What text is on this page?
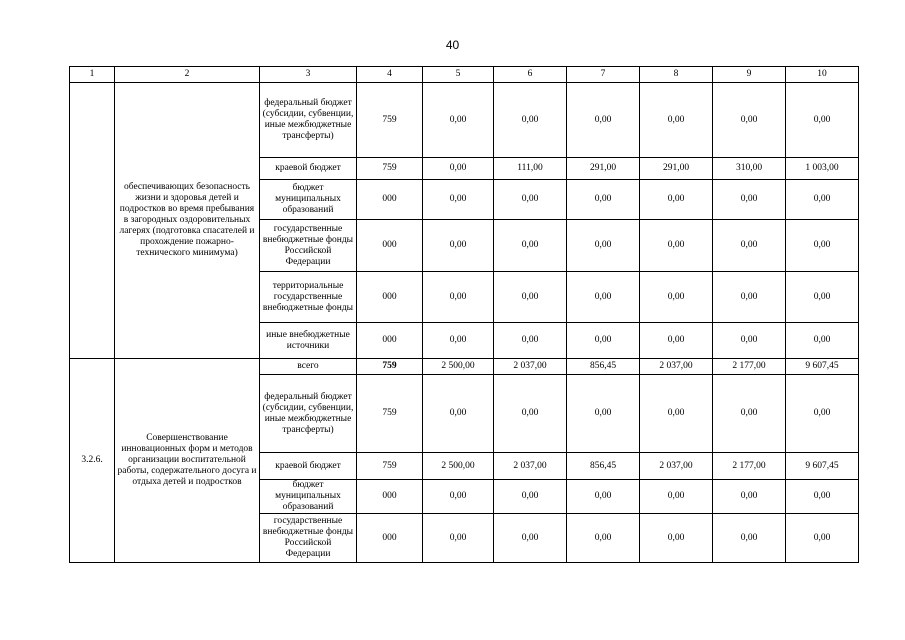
40
1	2	3	4	5	6	7	8	9	10
	обеспечивающих безопасность жизни и здоровья детей и подростков во время пребывания в загородных оздоровительных лагерях (подготовка спасателей и прохождение пожарно-технического минимума)	федеральный бюджет (субсидии, субвенции, иные межбюджетные трансферты)	759	0,00	0,00	0,00	0,00	0,00	0,00
		краевой бюджет	759	0,00	111,00	291,00	291,00	310,00	1 003,00
		бюджет муниципальных образований	000	0,00	0,00	0,00	0,00	0,00	0,00
		государственные внебюджетные фонды Российской Федерации	000	0,00	0,00	0,00	0,00	0,00	0,00
		территориальные государственные внебюджетные фонды	000	0,00	0,00	0,00	0,00	0,00	0,00
		иные внебюджетные источники	000	0,00	0,00	0,00	0,00	0,00	0,00
3.2.6.	Совершенствование инновационных форм и методов организации воспитательной работы, содержательного досуга и отдыха детей и подростков	всего	759	2 500,00	2 037,00	856,45	2 037,00	2 177,00	9 607,45
		федеральный бюджет (субсидии, субвенции, иные межбюджетные трансферты)	759	0,00	0,00	0,00	0,00	0,00	0,00
		краевой бюджет	759	2 500,00	2 037,00	856,45	2 037,00	2 177,00	9 607,45
		бюджет муниципальных образований	000	0,00	0,00	0,00	0,00	0,00	0,00
		государственные внебюджетные фонды Российской Федерации	000	0,00	0,00	0,00	0,00	0,00	0,00
